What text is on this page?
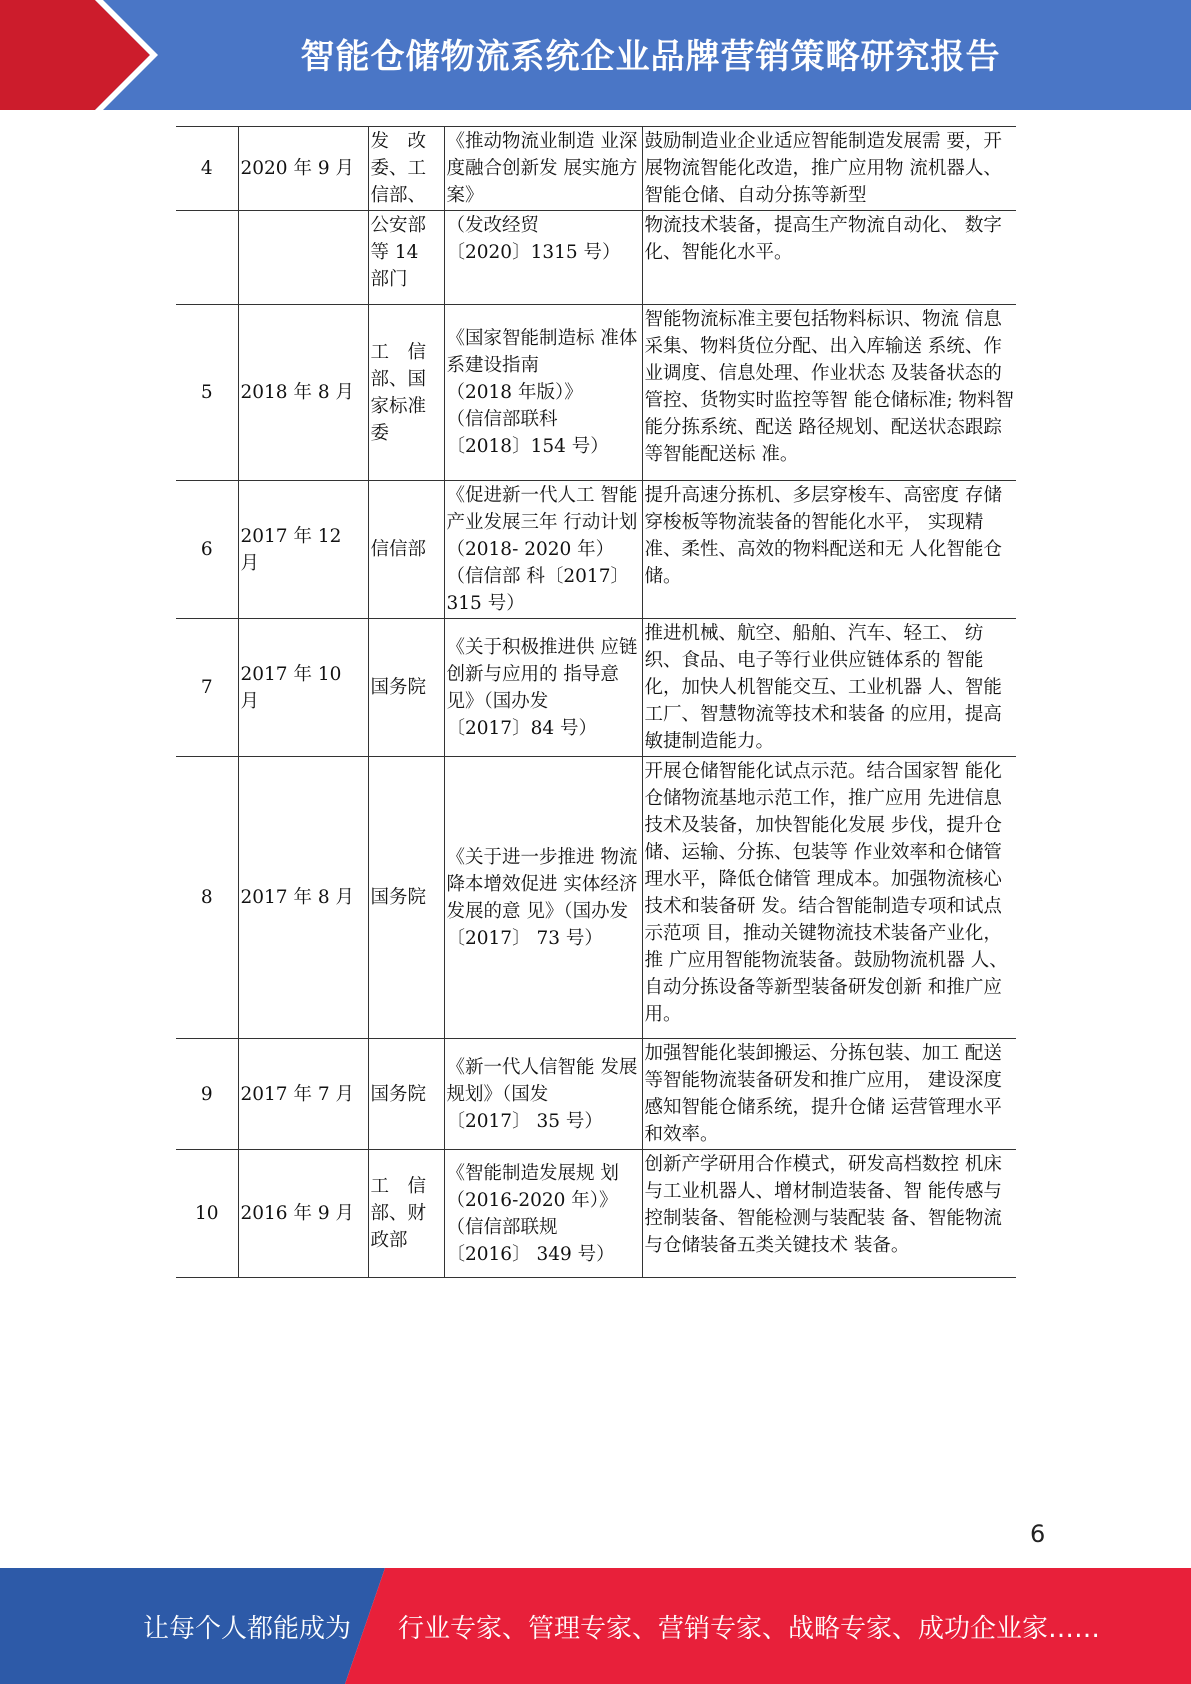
智能仓储物流系统企业品牌营销策略研究报告
4	2020 年 9 月	发　改
委、工
信部、	《推动物流业制造 业深度融合创新发 展实施方案》	鼓励制造业企业适应智能制造发展需 要，开展物流智能化改造，推广应用物 流机器人、智能仓储、自动分拣等新型

		公安部
等 14
部门	（发改经贸
〔2020〕1315 号）	物流技术装备，提高生产物流自动化、 数字化、智能化水平。

5	2018 年 8 月	工　信
部、国
家标准
委	《国家智能制造标 准体系建设指南
（2018 年版）》
（信信部联科
〔2018〕154 号）	智能物流标准主要包括物料标识、物流 信息采集、物料货位分配、出入库输送 系统、作业调度、信息处理、作业状态 及装备状态的管控、货物实时监控等智 能仓储标准; 物料智能分拣系统、配送 路径规划、配送状态跟踪等智能配送标 准。

6	2017 年 12
月	信信部	《促进新一代人工 智能产业发展三年 行动计划（2018- 2020 年）（信信部 科〔2017〕315 号）	提升高速分拣机、多层穿梭车、高密度 存储穿梭板等物流装备的智能化水平， 实现精准、柔性、高效的物料配送和无 人化智能仓储。

7	2017 年 10
月	国务院	《关于积极推进供 应链创新与应用的 指导意见》（国办发
〔2017〕84 号）	推进机械、航空、船舶、汽车、轻工、 纺织、食品、电子等行业供应链体系的 智能化，加快人机智能交互、工业机器 人、智能工厂、智慧物流等技术和装备 的应用，提高敏捷制造能力。

8	2017 年 8 月	国务院	《关于进一步推进 物流降本增效促进 实体经济发展的意 见》（国办发
〔2017〕 73 号）	开展仓储智能化试点示范。结合国家智 能化仓储物流基地示范工作，推广应用 先进信息技术及装备，加快智能化发展 步伐，提升仓储、运输、分拣、包装等 作业效率和仓储管理水平，降低仓储管 理成本。加强物流核心技术和装备研 发。结合智能制造专项和试点示范项 目，推动关键物流技术装备产业化，推 广应用智能物流装备。鼓励物流机器 人、自动分拣设备等新型装备研发创新 和推广应用。

9	2017 年 7 月	国务院	《新一代人信智能 发展规划》（国发
〔2017〕 35 号）	加强智能化装卸搬运、分拣包装、加工 配送等智能物流装备研发和推广应用， 建设深度感知智能仓储系统，提升仓储 运营管理水平和效率。

10	2016 年 9 月	工　信
部、财
政部	《智能制造发展规 划（2016-2020 年）》（信信部联规
〔2016〕 349 号）	创新产学研用合作模式，研发高档数控 机床与工业机器人、增材制造装备、智 能传感与控制装备、智能检测与装配装 备、智能物流与仓储装备五类关键技术 装备。
6
让每个人都能成为 行业专家、管理专家、营销专家、战略专家、成功企业家……
